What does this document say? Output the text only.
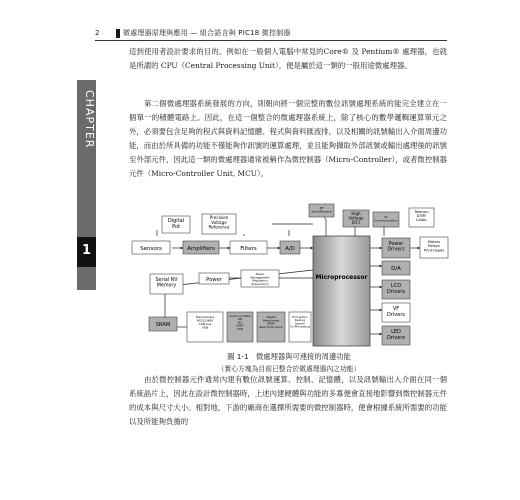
2	微處理器原理與應用 — 組合語言與 PIC18 微控制器
CHAPTER
1
這到使用者設計要求的目的。例如在一般個人電腦中常見的Core® 及 Pentium® 處理器，也就是所謂的 CPU（Central Processing Unit），便是屬於這一類的一般用途微處理器。
第二個微處理器系統發展的方向，則朝向將一個完整的數位訊號處理系統的能完全建立在一個單一的積體電路上。因此，在這一個整合的微處理器系統上，除了核心的數學邏輯運算單元之外，必須要包含足夠的程式與資料記憶體、程式與資料匯流排，以及相關的訊號輸出入介面周邊功能，而由於所具備的功能不僅能夠作訊號的運算處理，並且能夠擷取外部訊號或輸出處理後的訊號至外部元件，因此這一類的微處理器通常被稱作為微控制器（Micro-Controller），或者微控制器元件（Micro-Controller Unit, MCU）。
RF Send/Receive	High Voltage I/O's
IR Communication
Telecom DTMF Codec
Digital Pot
Precision Voltage Reference
Sensors	Amplifiers	Filters	A/D
Microprocessor
Power Drivers
Motors Relays Print-heads
D/A
LCD Drivers
VF Drivers
LED Drivers
Serial NV Memory
Power
Power Management Regulation Supervisory
SRAM
Transceivers RS232/485 CAN bus USB
Communication SPI I2C UART USB
Digital Peripherals PWM Real Time Clock
Encryption KeeLoq Speech Co-Processing
圖 1-1　微處理器與可連接的周邊功能
（實心方塊為目前已整合於微處理器內之功能）
由於微控制器元件通常內建有數位訊號運算、控制、記憶體，以及訊號輸出入介面在同一個系統晶片上，因此在設計微控制器時，上述內建硬體與功能的多寡便會直接地影響到微控制器元件的成本與尺寸大小。相對地，下游的廠商在選擇所需要的微控制器時，便會根據系統所需要的功能以及所能夠負擔的
